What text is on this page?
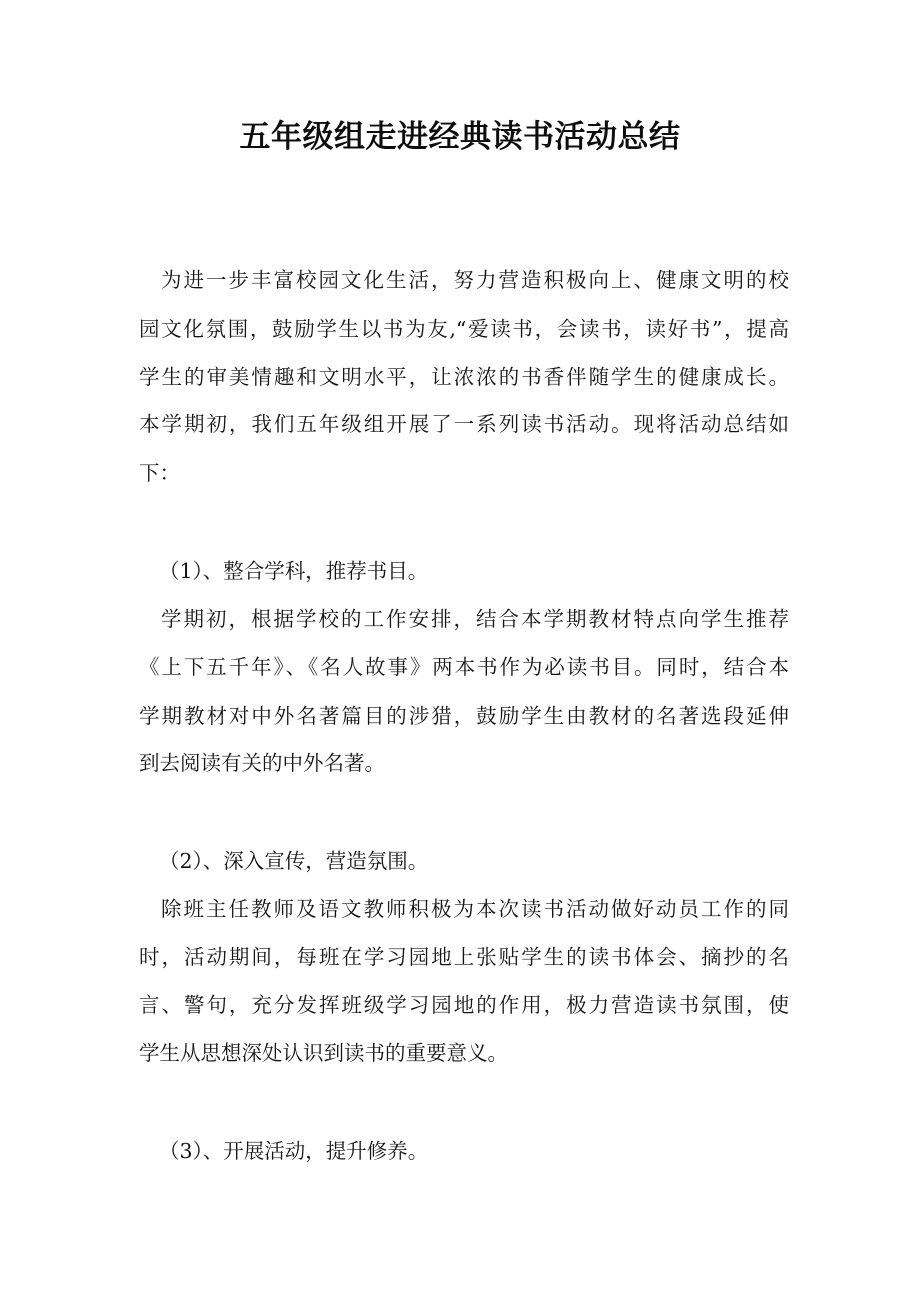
五年级组走进经典读书活动总结
为进一步丰富校园文化生活，努力营造积极向上、健康文明的校
园文化氛围，鼓励学生以书为友,“爱读书，会读书，读好书”，提高
学生的审美情趣和文明水平，让浓浓的书香伴随学生的健康成长。
本学期初，我们五年级组开展了一系列读书活动。现将活动总结如
下：
（1）、整合学科，推荐书目。
学期初，根据学校的工作安排，结合本学期教材特点向学生推荐
《上下五千年》、《名人故事》两本书作为必读书目。同时，结合本
学期教材对中外名著篇目的涉猎，鼓励学生由教材的名著选段延伸
到去阅读有关的中外名著。
（2）、深入宣传，营造氛围。
除班主任教师及语文教师积极为本次读书活动做好动员工作的同
时，活动期间，每班在学习园地上张贴学生的读书体会、摘抄的名
言、警句，充分发挥班级学习园地的作用，极力营造读书氛围，使
学生从思想深处认识到读书的重要意义。
（3）、开展活动，提升修养。
